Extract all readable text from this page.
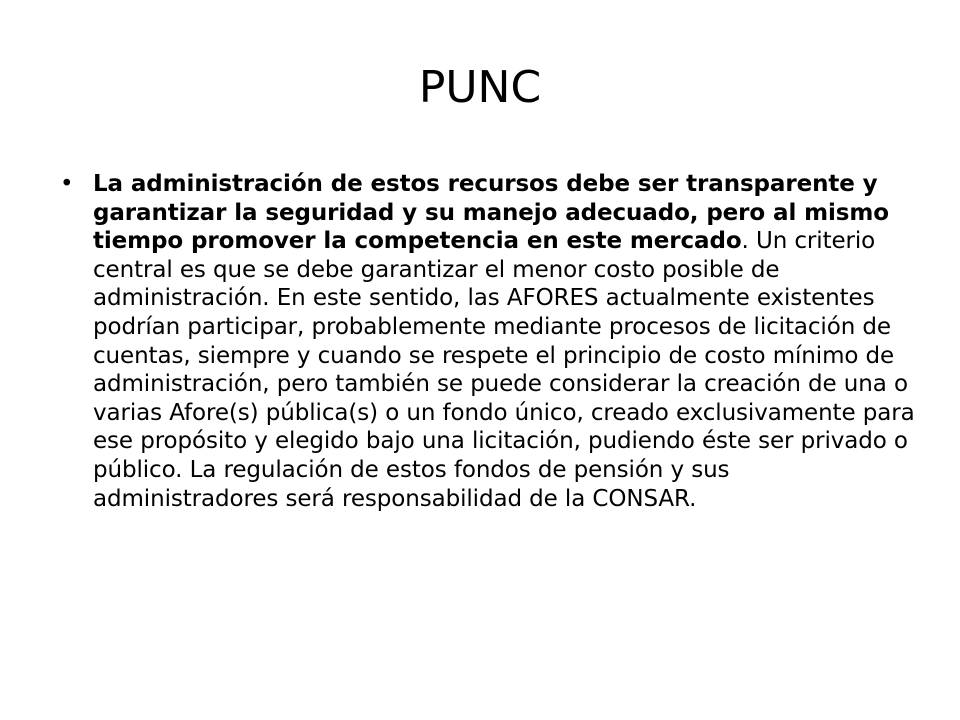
PUNC
• La administración de estos recursos debe ser transparente y garantizar la seguridad y su manejo adecuado, pero al mismo tiempo promover la competencia en este mercado. Un criterio central es que se debe garantizar el menor costo posible de administración. En este sentido, las AFORES actualmente existentes podrían participar, probablemente mediante procesos de licitación de cuentas, siempre y cuando se respete el principio de costo mínimo de administración, pero también se puede considerar la creación de una o varias Afore(s) pública(s) o un fondo único, creado exclusivamente para ese propósito y elegido bajo una licitación, pudiendo éste ser privado o público. La regulación de estos fondos de pensión y sus administradores será responsabilidad de la CONSAR.
